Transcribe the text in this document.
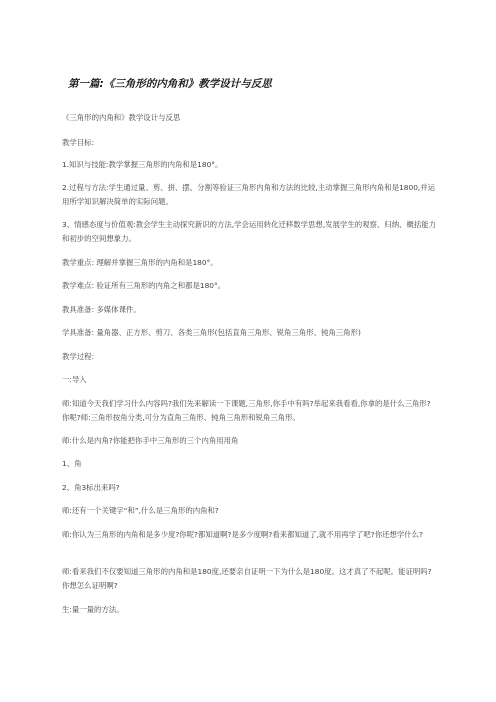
第一篇:《三角形的内角和》教学设计与反思

《三角形的内角和》教学设计与反思

教学目标:

1.知识与技能:教学掌握三角形的内角和是180°。

2.过程与方法:学生通过量、剪、拼、摆、分割等验证三角形内角和方法的比较,主动掌握三角形内角和是1800,并运用所学知识解决简单的实际问题。

3、情感态度与价值观:教会学生主动探究新识的方法,学会运用转化迁移数学思想,发展学生的观察、归纳、概括能力和初步的空间想象力。

教学重点: 理解并掌握三角形的内角和是180°。

教学难点: 验证所有三角形的内角之和都是180°。

教具准备: 多媒体课件。

学具准备: 量角器、正方形、剪刀、各类三角形(包括直角三角形、锐角三角形、钝角三角形)

教学过程:

一:导入

师:知道今天我们学习什么内容吗?我们先来解读一下课题,三角形,你手中有吗?举起来我看看,你拿的是什么三角形?你呢?师:三角形按角分类,可分为直角三角形、钝角三角形和锐角三角形。

师:什么是内角?你能把你手中三角形的三个内角用用角

1、角

2、角3标出来吗?

师:还有一个关键字“和”,什么是三角形的内角和?

师:你认为三角形的内角和是多少度?你呢?都知道啊?是多少度啊?看来都知道了,就不用再学了吧?你还想学什么?

师:看来我们不仅要知道三角形的内角和是180度,还要亲自证明一下为什么是180度。这才真了不起呢。能证明吗?你想怎么证明啊?

生:量一量的方法。
